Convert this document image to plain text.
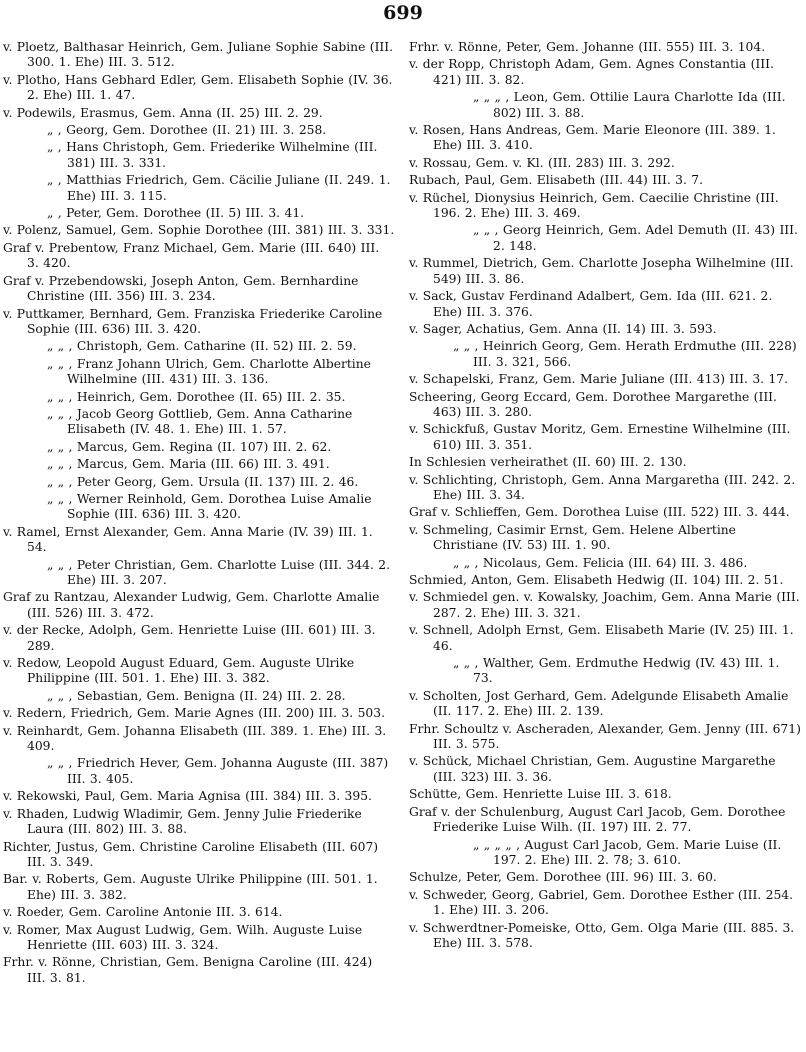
699

v. Ploetz, Balthasar Heinrich, Gem. Juliane Sophie Sabine (III. 300. 1. Ehe) III. 3. 512.

v. Plotho, Hans Gebhard Edler, Gem. Elisabeth Sophie (IV. 36. 2. Ehe) III. 1. 47.

v. Podewils, Erasmus, Gem. Anna (II. 25) III. 2. 29.

„ , Georg, Gem. Dorothee (II. 21) III. 3. 258.

„ , Hans Christoph, Gem. Friederike Wilhelmine (III. 381) III. 3. 331.

„ , Matthias Friedrich, Gem. Cäcilie Juliane (II. 249. 1. Ehe) III. 3. 115.

„ , Peter, Gem. Dorothee (II. 5) III. 3. 41.

v. Polenz, Samuel, Gem. Sophie Dorothee (III. 381) III. 3. 331.

Graf v. Prebentow, Franz Michael, Gem. Marie (III. 640) III. 3. 420.

Graf v. Przebendowski, Joseph Anton, Gem. Bernhardine Christine (III. 356) III. 3. 234.

v. Puttkamer, Bernhard, Gem. Franziska Friederike Caroline Sophie (III. 636) III. 3. 420.

„ „ , Christoph, Gem. Catharine (II. 52) III. 2. 59.

„ „ , Franz Johann Ulrich, Gem. Charlotte Albertine Wilhelmine (III. 431) III. 3. 136.

„ „ , Heinrich, Gem. Dorothee (II. 65) III. 2. 35.

„ „ , Jacob Georg Gottlieb, Gem. Anna Catharine Elisabeth (IV. 48. 1. Ehe) III. 1. 57.

„ „ , Marcus, Gem. Regina (II. 107) III. 2. 62.

„ „ , Marcus, Gem. Maria (III. 66) III. 3. 491.

„ „ , Peter Georg, Gem. Ursula (II. 137) III. 2. 46.

„ „ , Werner Reinhold, Gem. Dorothea Luise Amalie Sophie (III. 636) III. 3. 420.

v. Ramel, Ernst Alexander, Gem. Anna Marie (IV. 39) III. 1. 54.

„ „ , Peter Christian, Gem. Charlotte Luise (III. 344. 2. Ehe) III. 3. 207.

Graf zu Rantzau, Alexander Ludwig, Gem. Charlotte Amalie (III. 526) III. 3. 472.

v. der Recke, Adolph, Gem. Henriette Luise (III. 601) III. 3. 289.

v. Redow, Leopold August Eduard, Gem. Auguste Ulrike Philippine (III. 501. 1. Ehe) III. 3. 382.

„ „ , Sebastian, Gem. Benigna (II. 24) III. 2. 28.

v. Redern, Friedrich, Gem. Marie Agnes (III. 200) III. 3. 503.

v. Reinhardt, Gem. Johanna Elisabeth (III. 389. 1. Ehe) III. 3. 409.

„ „ , Friedrich Hever, Gem. Johanna Auguste (III. 387) III. 3. 405.

v. Rekowski, Paul, Gem. Maria Agnisa (III. 384) III. 3. 395.

v. Rhaden, Ludwig Wladimir, Gem. Jenny Julie Friederike Laura (III. 802) III. 3. 88.

Richter, Justus, Gem. Christine Caroline Elisabeth (III. 607) III. 3. 349.

Bar. v. Roberts, Gem. Auguste Ulrike Philippine (III. 501. 1. Ehe) III. 3. 382.

v. Roeder, Gem. Caroline Antonie III. 3. 614.

v. Romer, Max August Ludwig, Gem. Wilh. Auguste Luise Henriette (III. 603) III. 3. 324.

Frhr. v. Rönne, Christian, Gem. Benigna Caroline (III. 424) III. 3. 81.

Frhr. v. Rönne, Peter, Gem. Johanne (III. 555) III. 3. 104.

v. der Ropp, Christoph Adam, Gem. Agnes Constantia (III. 421) III. 3. 82.

„ „ „ , Leon, Gem. Ottilie Laura Charlotte Ida (III. 802) III. 3. 88.

v. Rosen, Hans Andreas, Gem. Marie Eleonore (III. 389. 1. Ehe) III. 3. 410.

v. Rossau, Gem. v. Kl. (III. 283) III. 3. 292.

Rubach, Paul, Gem. Elisabeth (III. 44) III. 3. 7.

v. Rüchel, Dionysius Heinrich, Gem. Caecilie Christine (III. 196. 2. Ehe) III. 3. 469.

„ „ , Georg Heinrich, Gem. Adel Demuth (II. 43) III. 2. 148.

v. Rummel, Dietrich, Gem. Charlotte Josepha Wilhelmine (III. 549) III. 3. 86.

v. Sack, Gustav Ferdinand Adalbert, Gem. Ida (III. 621. 2. Ehe) III. 3. 376.

v. Sager, Achatius, Gem. Anna (II. 14) III. 3. 593.

„ „ , Heinrich Georg, Gem. Herath Erdmuthe (III. 228) III. 3. 321, 566.

v. Schapelski, Franz, Gem. Marie Juliane (III. 413) III. 3. 17.

Scheering, Georg Eccard, Gem. Dorothee Margarethe (III. 463) III. 3. 280.

v. Schickfuß, Gustav Moritz, Gem. Ernestine Wilhelmine (III. 610) III. 3. 351.

In Schlesien verheirathet (II. 60) III. 2. 130.

v. Schlichting, Christoph, Gem. Anna Margaretha (III. 242. 2. Ehe) III. 3. 34.

Graf v. Schlieffen, Gem. Dorothea Luise (III. 522) III. 3. 444.

v. Schmeling, Casimir Ernst, Gem. Helene Albertine Christiane (IV. 53) III. 1. 90.

„ „ , Nicolaus, Gem. Felicia (III. 64) III. 3. 486.

Schmied, Anton, Gem. Elisabeth Hedwig (II. 104) III. 2. 51.

v. Schmiedel gen. v. Kowalsky, Joachim, Gem. Anna Marie (III. 287. 2. Ehe) III. 3. 321.

v. Schnell, Adolph Ernst, Gem. Elisabeth Marie (IV. 25) III. 1. 46.

„ „ , Walther, Gem. Erdmuthe Hedwig (IV. 43) III. 1. 73.

v. Scholten, Jost Gerhard, Gem. Adelgunde Elisabeth Amalie (II. 117. 2. Ehe) III. 2. 139.

Frhr. Schoultz v. Ascheraden, Alexander, Gem. Jenny (III. 671) III. 3. 575.

v. Schück, Michael Christian, Gem. Augustine Margarethe (III. 323) III. 3. 36.

Schütte, Gem. Henriette Luise III. 3. 618.

Graf v. der Schulenburg, August Carl Jacob, Gem. Dorothee Friederike Luise Wilh. (II. 197) III. 2. 77.

„ „ „ „ , August Carl Jacob, Gem. Marie Luise (II. 197. 2. Ehe) III. 2. 78; 3. 610.

Schulze, Peter, Gem. Dorothee (III. 96) III. 3. 60.

v. Schweder, Georg, Gabriel, Gem. Dorothee Esther (III. 254. 1. Ehe) III. 3. 206.

v. Schwerdtner-Pomeiske, Otto, Gem. Olga Marie (III. 885. 3. Ehe) III. 3. 578.
